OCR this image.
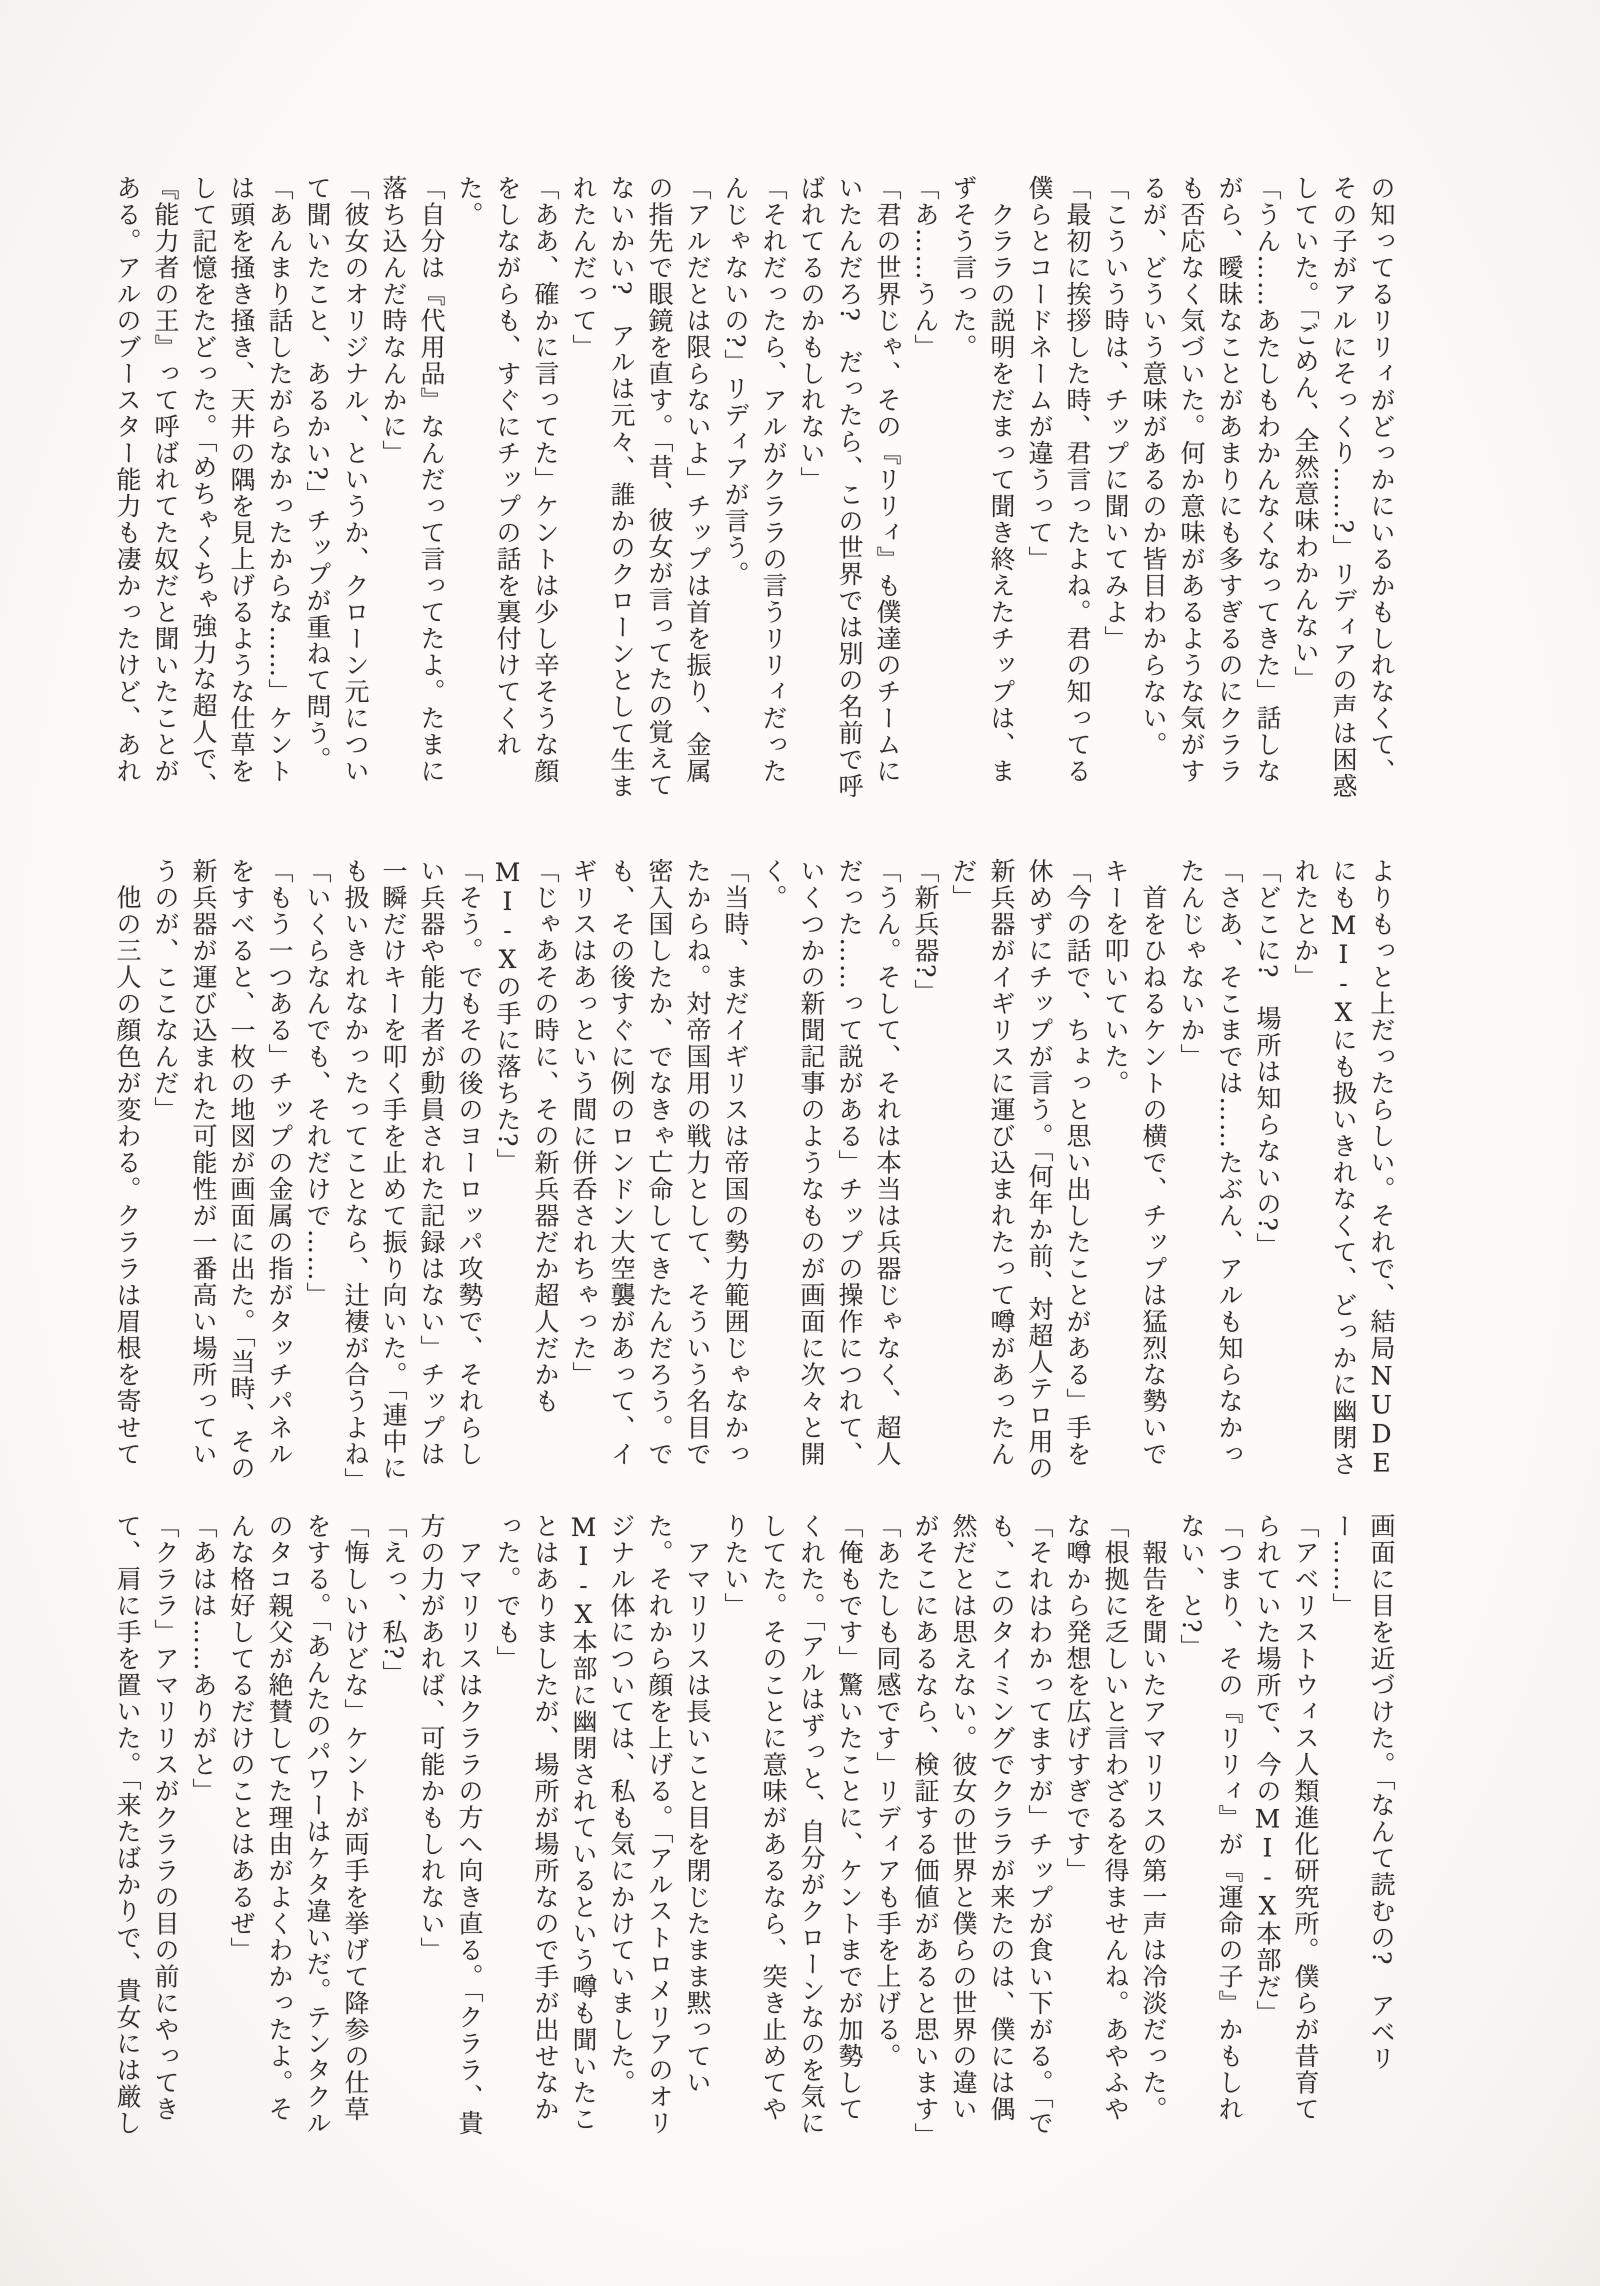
の知ってるリリィがどっかにいるかもしれなくて、その子がアルにそっくり……?」リディアの声は困惑していた。「ごめん、全然意味わかんない」

「うん……あたしもわかんなくなってきた」話しながら、曖昧なことがあまりにも多すぎるのにクララも否応なく気づいた。何か意味があるような気がするが、どういう意味があるのか皆目わからない。

「こういう時は、チップに聞いてみよ」

「最初に挨拶した時、君言ったよね。君の知ってる僕らとコードネームが違うって」

　クララの説明をだまって聞き終えたチップは、まずそう言った。

「あ……うん」

「君の世界じゃ、その『リリィ』も僕達のチームにいたんだろ?　だったら、この世界では別の名前で呼ばれてるのかもしれない」

「それだったら、アルがクララの言うリリィだったんじゃないの?」リディアが言う。

「アルだとは限らないよ」チップは首を振り、金属の指先で眼鏡を直す。「昔、彼女が言ってたの覚えてないかい?　アルは元々、誰かのクローンとして生まれたんだって」

「ああ、確かに言ってた」ケントは少し辛そうな顔をしながらも、すぐにチップの話を裏付けてくれた。

「自分は『代用品』なんだって言ってたよ。たまに落ち込んだ時なんかに」

「彼女のオリジナル、というか、クローン元について聞いたこと、あるかい?」チップが重ねて問う。

「あんまり話したがらなかったからな……」ケントは頭を掻き掻き、天井の隅を見上げるような仕草をして記憶をたどった。「めちゃくちゃ強力な超人で、『能力者の王』って呼ばれてた奴だと聞いたことがある。アルのブースター能力も凄かったけど、あれ

よりもっと上だったらしい。それで、結局NUDEにもMI-Xにも扱いきれなくて、どっかに幽閉されたとか」

「どこに?　場所は知らないの?」

「さあ、そこまでは……たぶん、アルも知らなかったんじゃないか」

　首をひねるケントの横で、チップは猛烈な勢いでキーを叩いていた。

「今の話で、ちょっと思い出したことがある」手を休めずにチップが言う。「何年か前、対超人テロ用の新兵器がイギリスに運び込まれたって噂があったんだ」

「新兵器?」

「うん。そして、それは本当は兵器じゃなく、超人だった……って説がある」チップの操作につれて、いくつかの新聞記事のようなものが画面に次々と開く。

「当時、まだイギリスは帝国の勢力範囲じゃなかったからね。対帝国用の戦力として、そういう名目で密入国したか、でなきゃ亡命してきたんだろう。でも、その後すぐに例のロンドン大空襲があって、イギリスはあっという間に併呑されちゃった」

「じゃあその時に、その新兵器だか超人だかもMI-Xの手に落ちた?」

「そう。でもその後のヨーロッパ攻勢で、それらしい兵器や能力者が動員された記録はない」チップは一瞬だけキーを叩く手を止めて振り向いた。「連中にも扱いきれなかったってことなら、辻褄が合うよね」

「いくらなんでも、それだけで……」

「もう一つある」チップの金属の指がタッチパネルをすべると、一枚の地図が画面に出た。「当時、その新兵器が運び込まれた可能性が一番高い場所っていうのが、ここなんだ」

　他の三人の顔色が変わる。クララは眉根を寄せて

画面に目を近づけた。「なんて読むの?　アベリー……」

「アベリストウィス人類進化研究所。僕らが昔育てられていた場所で、今のMI-X本部だ」

「つまり、その『リリィ』が『運命の子』かもしれない、と?」

　報告を聞いたアマリリスの第一声は冷淡だった。「根拠に乏しいと言わざるを得ませんね。あやふやな噂から発想を広げすぎです」

「それはわかってますが」チップが食い下がる。「でも、このタイミングでクララが来たのは、僕には偶然だとは思えない。彼女の世界と僕らの世界の違いがそこにあるなら、検証する価値があると思います」

「あたしも同感です」リディアも手を上げる。

「俺もです」驚いたことに、ケントまでが加勢してくれた。「アルはずっと、自分がクローンなのを気にしてた。そのことに意味があるなら、突き止めてやりたい」

　アマリリスは長いこと目を閉じたまま黙っていた。それから顔を上げる。「アルストロメリアのオリジナル体については、私も気にかけていました。MI-X本部に幽閉されているという噂も聞いたことはありましたが、場所が場所なので手が出せなかった。でも」

　アマリリスはクララの方へ向き直る。「クララ、貴方の力があれば、可能かもしれない」

「えっ、私?」

「悔しいけどな」ケントが両手を挙げて降参の仕草をする。「あんたのパワーはケタ違いだ。テンタクルのタコ親父が絶賛してた理由がよくわかったよ。そんな格好してるだけのことはあるぜ」

「あはは……ありがと」

「クララ」アマリリスがクララの目の前にやってきて、肩に手を置いた。「来たばかりで、貴女には厳し
